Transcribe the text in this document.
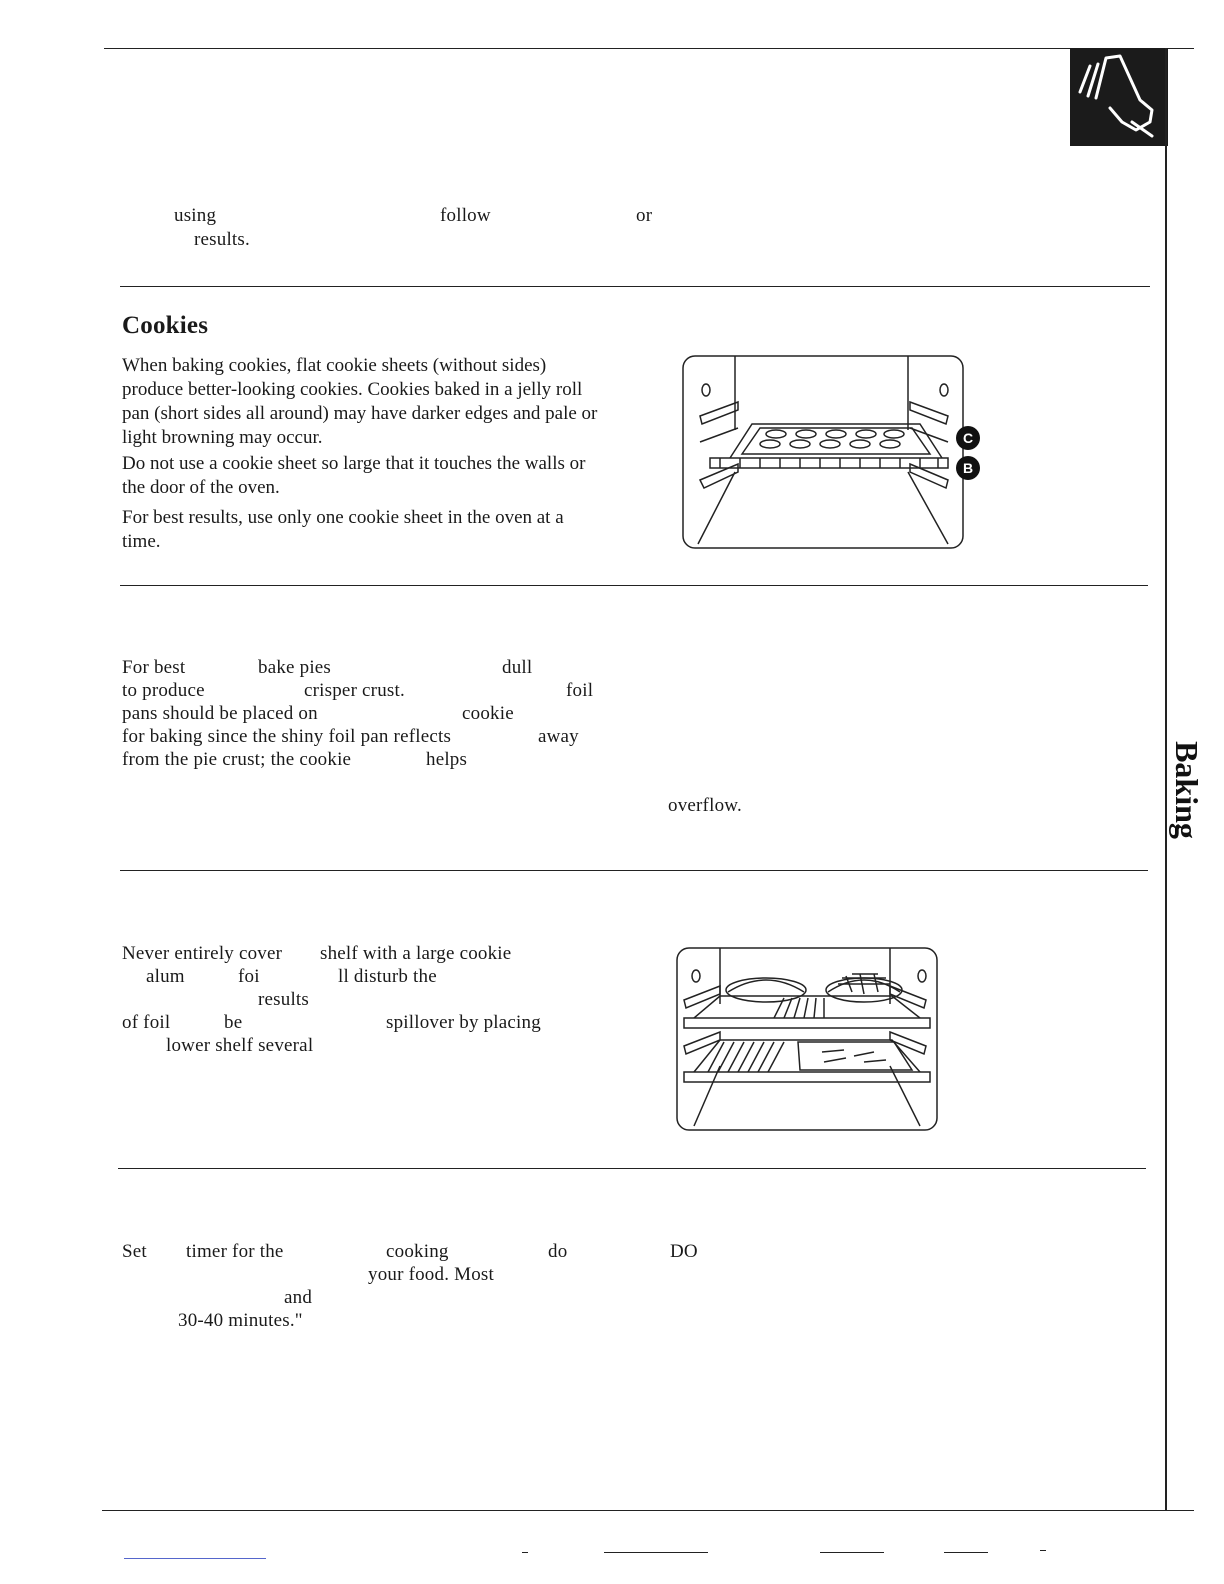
Baking
using	follow	or
results.
Cookies

When baking cookies, flat cookie sheets (without sides) produce better-looking cookies. Cookies baked in a jelly roll pan (short sides all around) may have darker edges and pale or light browning may occur.

Do not use a cookie sheet so large that it touches the walls or the door of the oven.

For best results, use only one cookie sheet in the oven at a time.

C
B
For best	bake pies	dull
to produce	crisper crust.	foil
pans should be placed on	cookie
for baking since the shiny foil pan reflects	away
from the pie crust; the cookie	helps
overflow.
Never entirely cover shelf with a large cookie
alum	foi	ll disturb the
results
of foil	be	spillover by placing
lower shelf several
Set timer for the	cooking	do	DO
your food. Most
and
30-40 minutes."
